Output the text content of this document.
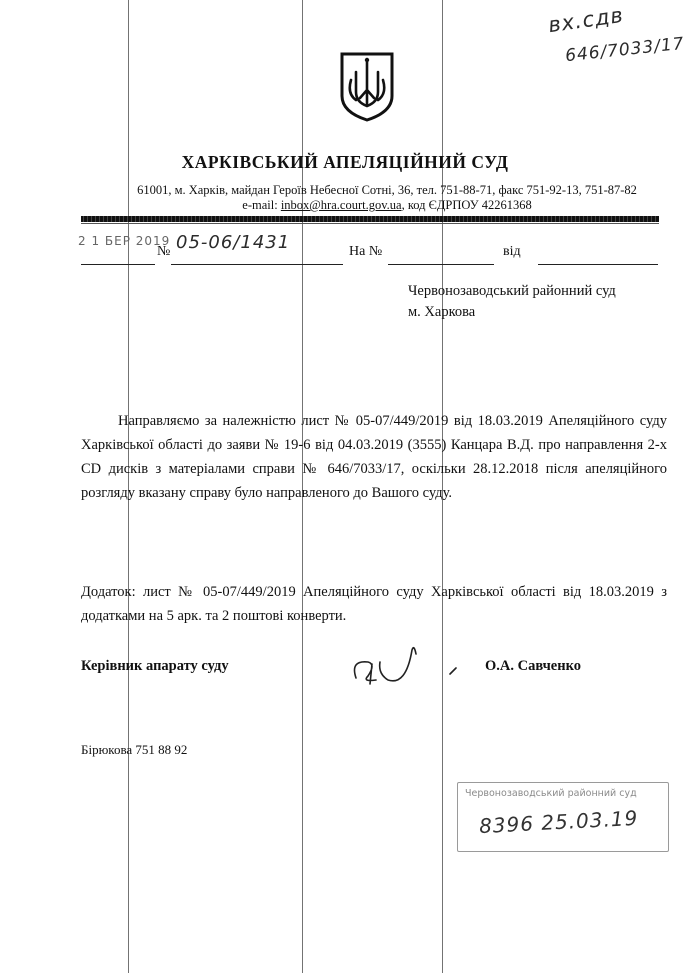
вх.сдв
646/7033/17
ХАРКІВСЬКИЙ АПЕЛЯЦІЙНИЙ СУД
61001, м. Харків, майдан Героїв Небесної Сотні, 36, тел. 751-88-71, факс 751-92-13, 751-87-82
e-mail: inbox@hra.court.gov.ua, код ЄДРПОУ 42261368
2 1 БЕР 2019
№ 05-06/1431	На №	від
Червонозаводський районний суд
м. Харкова

Направляємо за належністю лист № 05-07/449/2019 від 18.03.2019 Апеляційного суду Харківської області до заяви № 19-6 від 04.03.2019 (3555) Канцара В.Д. про направлення 2-х CD дисків з матеріалами справи № 646/7033/17, оскільки 28.12.2018 після апеляційного розгляду вказану справу було направленого до Вашого суду.

Додаток: лист № 05-07/449/2019 Апеляційного суду Харківської області від 18.03.2019 з додатками на 5 арк. та 2 поштові конверти.

Керівник апарату суду	О.А. Савченко
Бірюкова 751 88 92
Червонозаводський районний суд
8396 25.03.19
